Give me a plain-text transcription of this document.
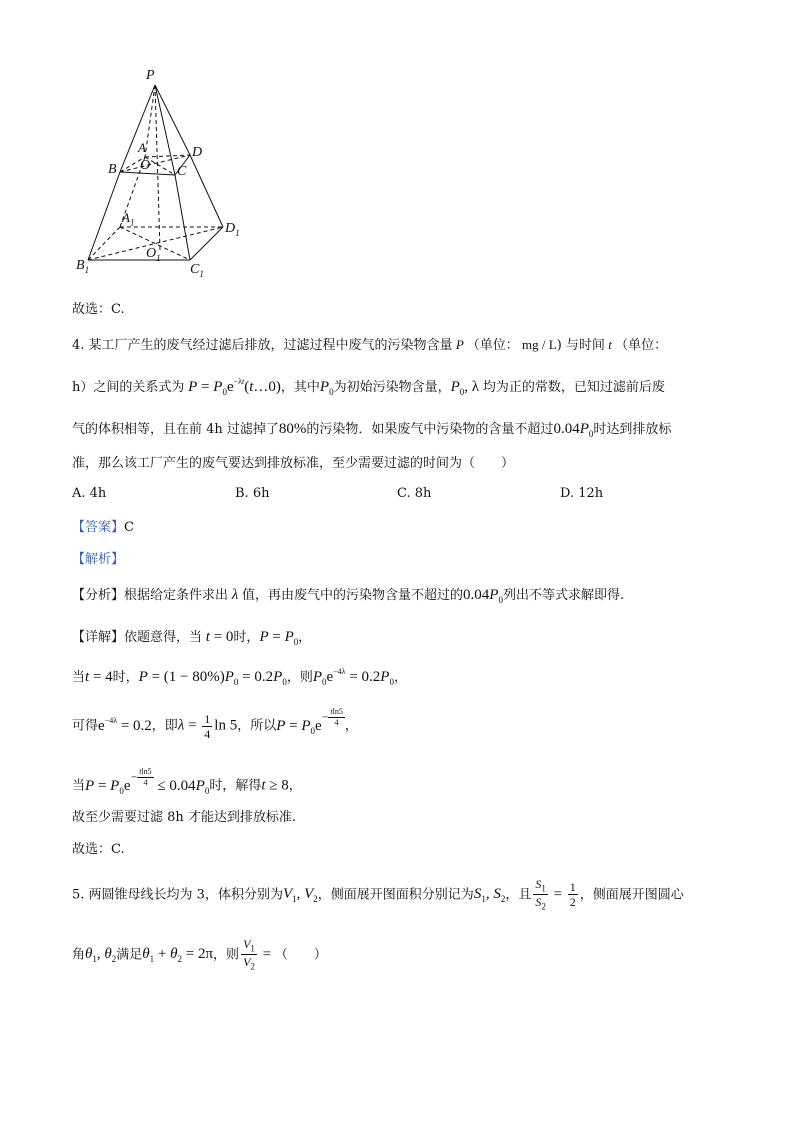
P
A	D
B O C
$A_1$	$D_1$
$B_1$
$O_1$
$C_1$
故选：C.
4. 某工厂产生的废气经过滤后排放，过滤过程中废气的污染物含量 P （单位： mg / L) 与时间 t （单位：
h）之间的关系式为 $P = P_0e^{-\lambda t}(t\dots 0)$，其中$P_0$为初始污染物含量，$P_0$, λ 均为正的常数，已知过滤前后废
气的体积相等，且在前 4h 过滤掉了80%的污染物．如果废气中污染物的含量不超过$0.04P_0$时达到排放标
准，那么该工厂产生的废气要达到排放标准，至少需要过滤的时间为（　　）
A. 4h	B. 6h	C. 8h	D. 12h
【答案】C
【解析】
【分析】根据给定条件求出 λ 值，再由废气中的污染物含量不超过的$0.04P_0$列出不等式求解即得.
【详解】依题意得，当 t = 0时，$P = P_0$，
当t = 4时，$P = (1 - 80\%)P_0 = 0.2P_0$，则$P_0e^{-4\lambda} = 0.2P_0$，
可得$e^{-4\lambda} = 0.2$，即$\lambda = \frac{1}{4}$ ln 5，所以$P = P_0e- \frac{tln5}{4}$ ，
当$P = P_0e- \frac{tln5}{4} \le 0.04P_0$时，解得t ≥ 8，
故至少需要过滤 8h 才能达到排放标准.
故选：C.
5. 两圆锥母线长均为 3，体积分别为$V_1$, $V_2$，侧面展开图面积分别记为$S_1$, $S_2$，且 $\frac{S_1}{S_2} = \frac{1}{2}$ ，侧面展开图圆心
角$\theta_1$, $\theta_2$满足$\theta_1 + \theta_2 = 2\pi$，则 $\frac{V_1}{V_2}$ = （　　）
